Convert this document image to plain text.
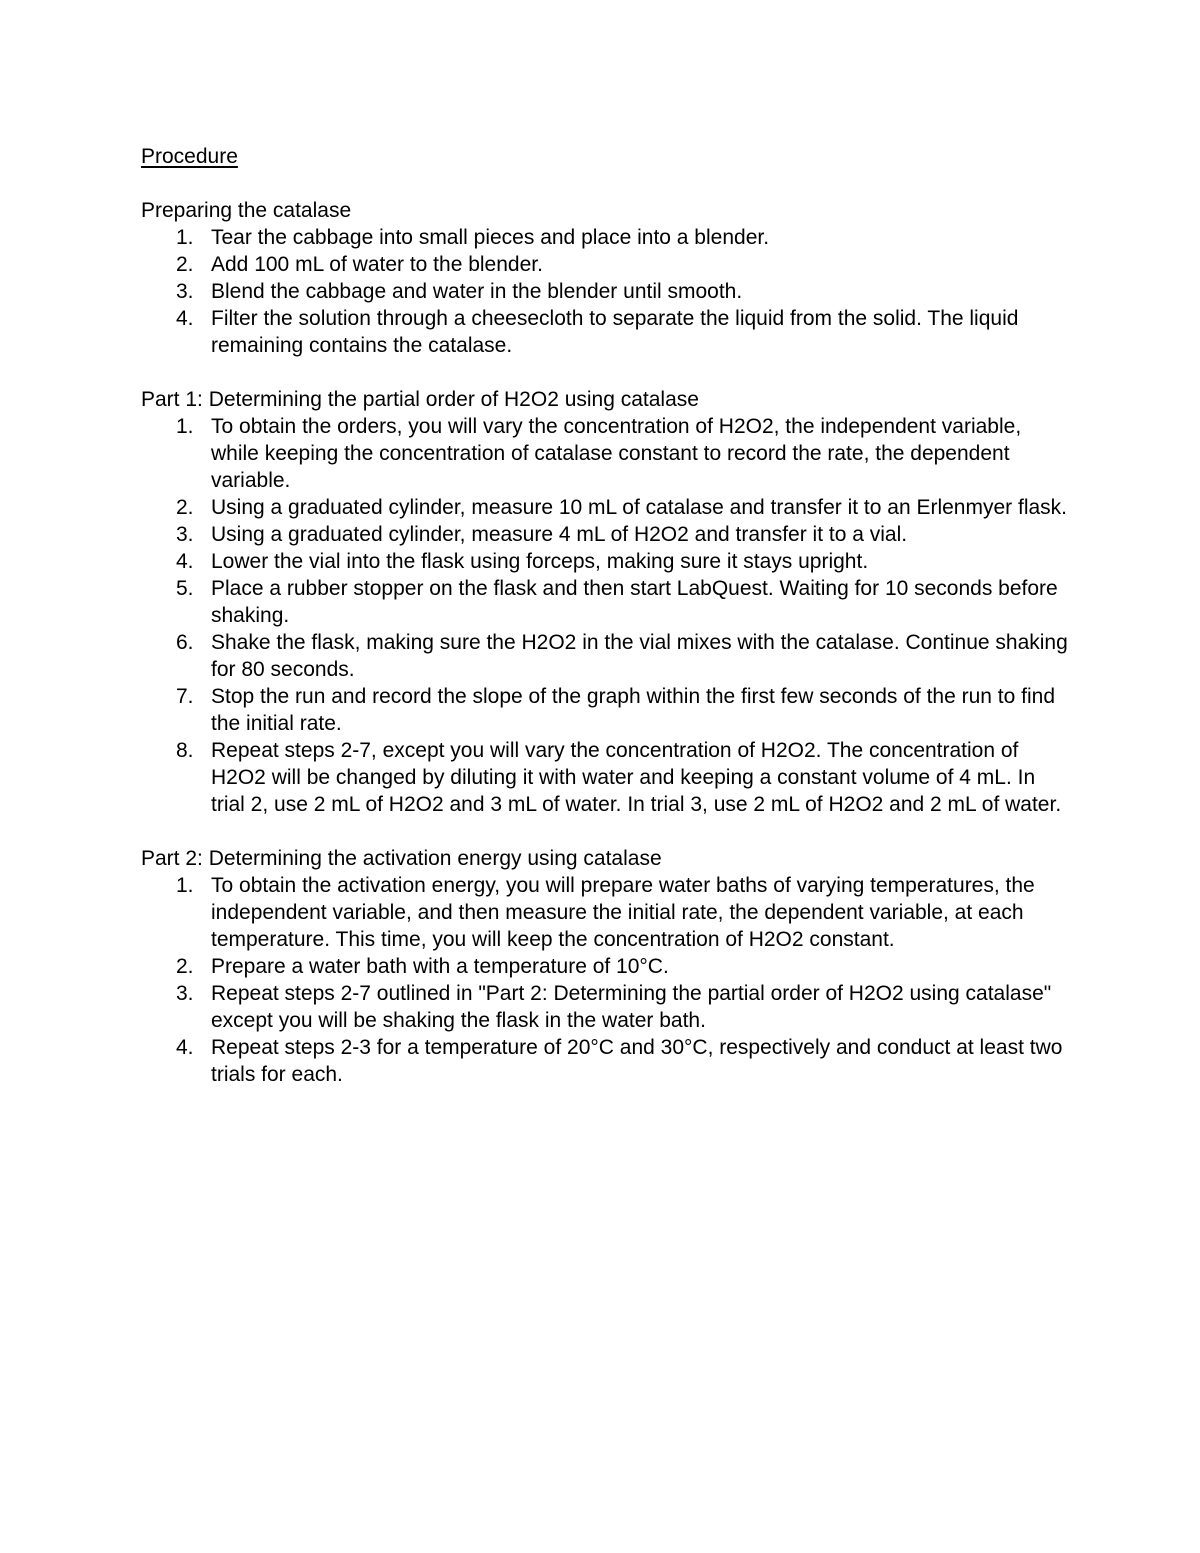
Procedure
Preparing the catalase
1. Tear the cabbage into small pieces and place into a blender.
2. Add 100 mL of water to the blender.
3. Blend the cabbage and water in the blender until smooth.
4. Filter the solution through a cheesecloth to separate the liquid from the solid. The liquid remaining contains the catalase.
Part 1: Determining the partial order of H2O2 using catalase
1. To obtain the orders, you will vary the concentration of H2O2, the independent variable, while keeping the concentration of catalase constant to record the rate, the dependent variable.
2. Using a graduated cylinder, measure 10 mL of catalase and transfer it to an Erlenmyer flask.
3. Using a graduated cylinder, measure 4 mL of H2O2 and transfer it to a vial.
4. Lower the vial into the flask using forceps, making sure it stays upright.
5. Place a rubber stopper on the flask and then start LabQuest. Waiting for 10 seconds before shaking.
6. Shake the flask, making sure the H2O2 in the vial mixes with the catalase. Continue shaking for 80 seconds.
7. Stop the run and record the slope of the graph within the first few seconds of the run to find the initial rate.
8. Repeat steps 2-7, except you will vary the concentration of H2O2. The concentration of H2O2 will be changed by diluting it with water and keeping a constant volume of 4 mL. In trial 2, use 2 mL of H2O2 and 3 mL of water. In trial 3, use 2 mL of H2O2 and 2 mL of water.
Part 2: Determining the activation energy using catalase
1. To obtain the activation energy, you will prepare water baths of varying temperatures, the independent variable, and then measure the initial rate, the dependent variable, at each temperature. This time, you will keep the concentration of H2O2 constant.
2. Prepare a water bath with a temperature of 10°C.
3. Repeat steps 2-7 outlined in "Part 2: Determining the partial order of H2O2 using catalase" except you will be shaking the flask in the water bath.
4. Repeat steps 2-3 for a temperature of 20°C and 30°C, respectively and conduct at least two trials for each.
